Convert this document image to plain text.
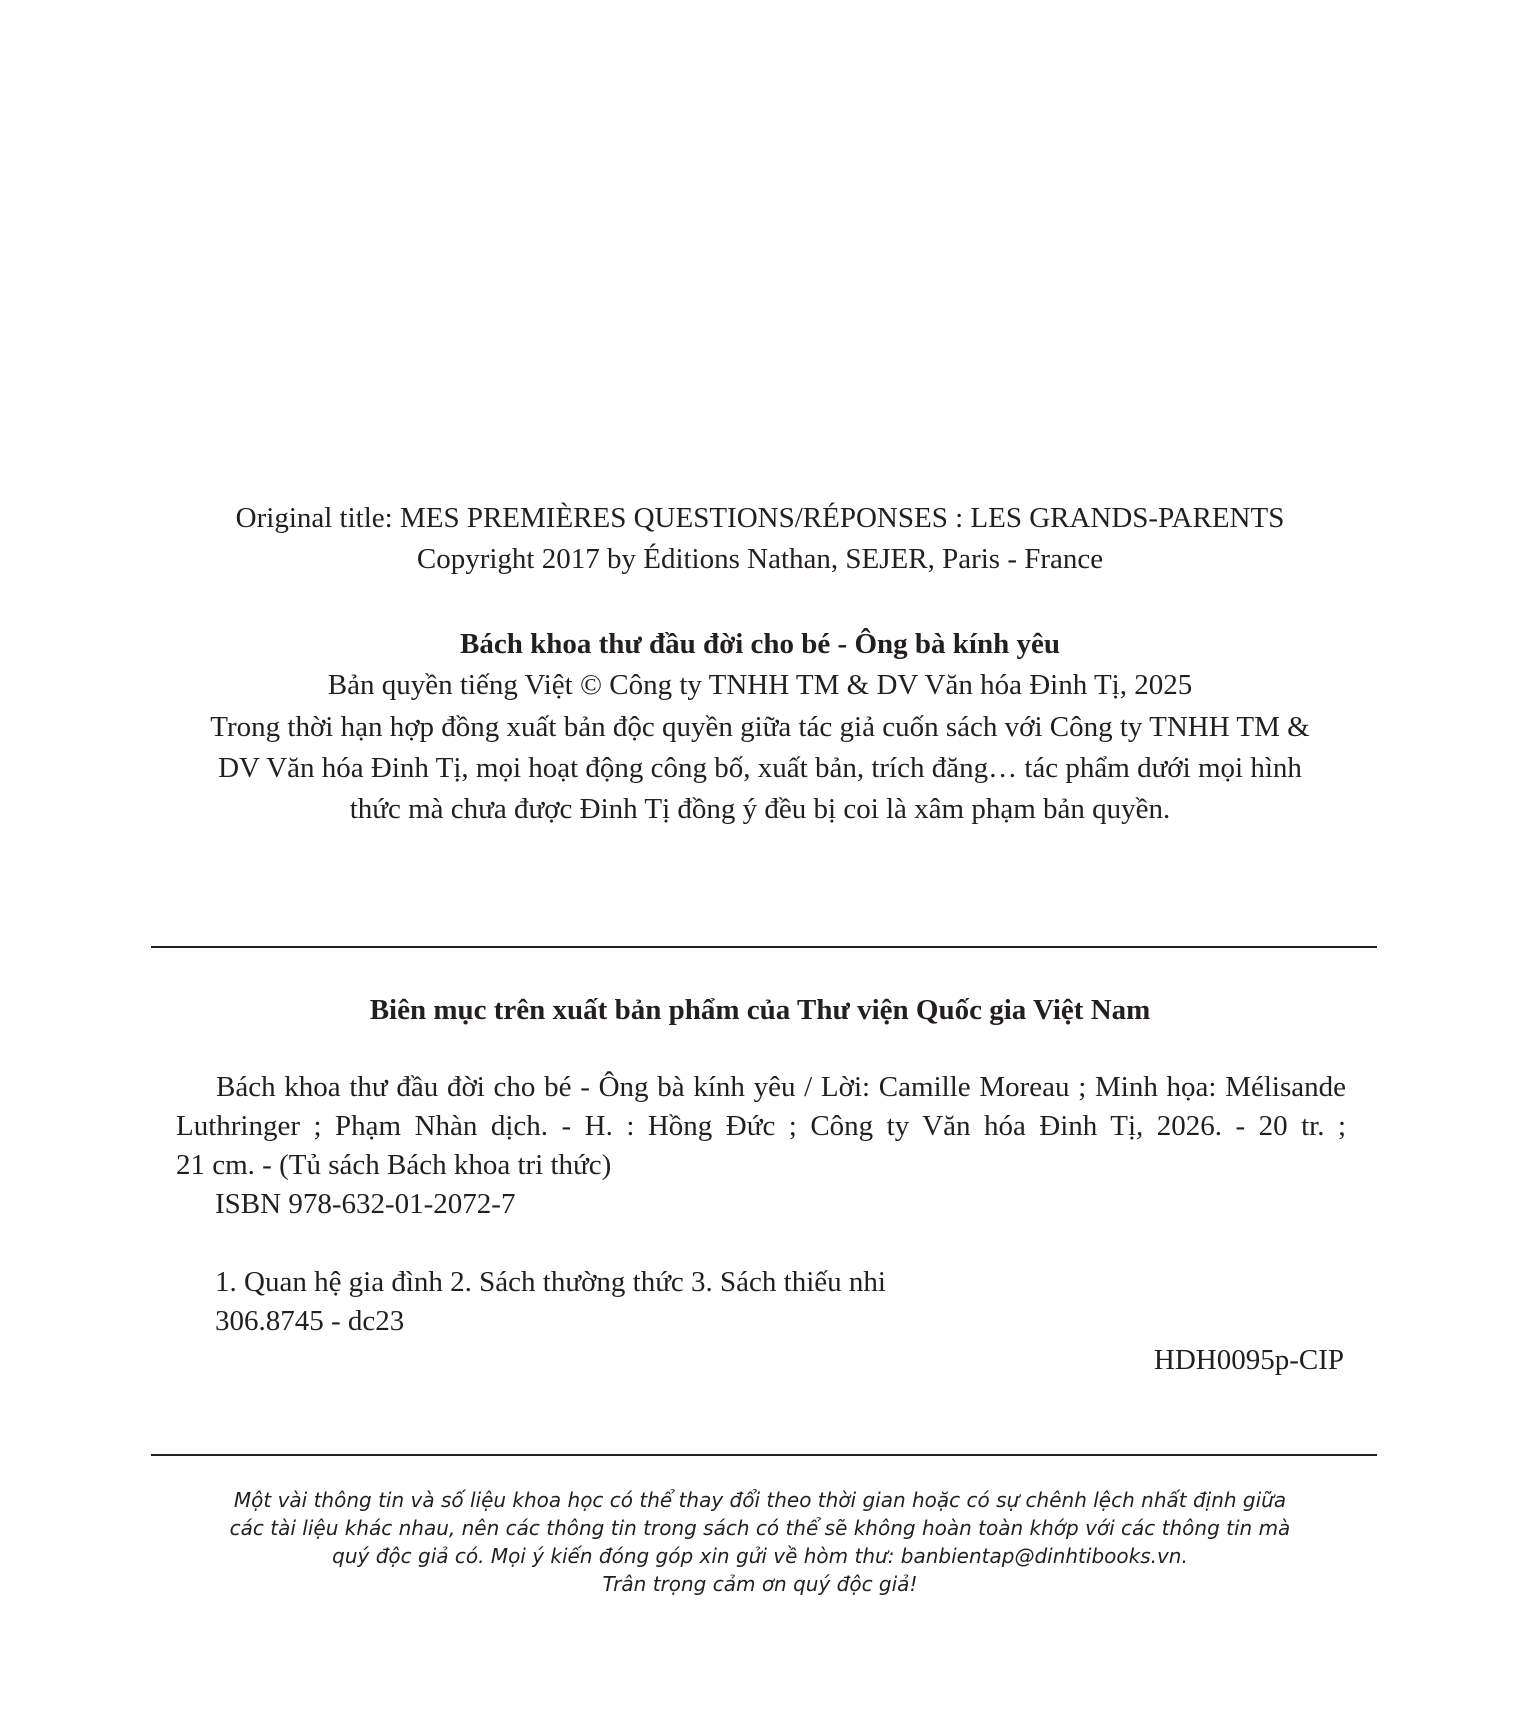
Original title: MES PREMIÈRES QUESTIONS/RÉPONSES : LES GRANDS-PARENTS
Copyright 2017 by Éditions Nathan, SEJER, Paris - France
Bách khoa thư đầu đời cho bé - Ông bà kính yêu
Bản quyền tiếng Việt © Công ty TNHH TM & DV Văn hóa Đinh Tị, 2025
Trong thời hạn hợp đồng xuất bản độc quyền giữa tác giả cuốn sách với Công ty TNHH TM &
DV Văn hóa Đinh Tị, mọi hoạt động công bố, xuất bản, trích đăng… tác phẩm dưới mọi hình
thức mà chưa được Đinh Tị đồng ý đều bị coi là xâm phạm bản quyền.
Biên mục trên xuất bản phẩm của Thư viện Quốc gia Việt Nam
Bách khoa thư đầu đời cho bé - Ông bà kính yêu / Lời: Camille Moreau ; Minh họa: Mélisande
Luthringer ; Phạm Nhàn dịch. - H. : Hồng Đức ; Công ty Văn hóa Đinh Tị, 2026. - 20 tr. ;
21 cm. - (Tủ sách Bách khoa tri thức)
ISBN 978-632-01-2072-7
1. Quan hệ gia đình 2. Sách thường thức 3. Sách thiếu nhi
306.8745 - dc23
HDH0095p-CIP
Một vài thông tin và số liệu khoa học có thể thay đổi theo thời gian hoặc có sự chênh lệch nhất định giữa
các tài liệu khác nhau, nên các thông tin trong sách có thể sẽ không hoàn toàn khớp với các thông tin mà
quý độc giả có. Mọi ý kiến đóng góp xin gửi về hòm thư: banbientap@dinhtibooks.vn.
Trân trọng cảm ơn quý độc giả!
